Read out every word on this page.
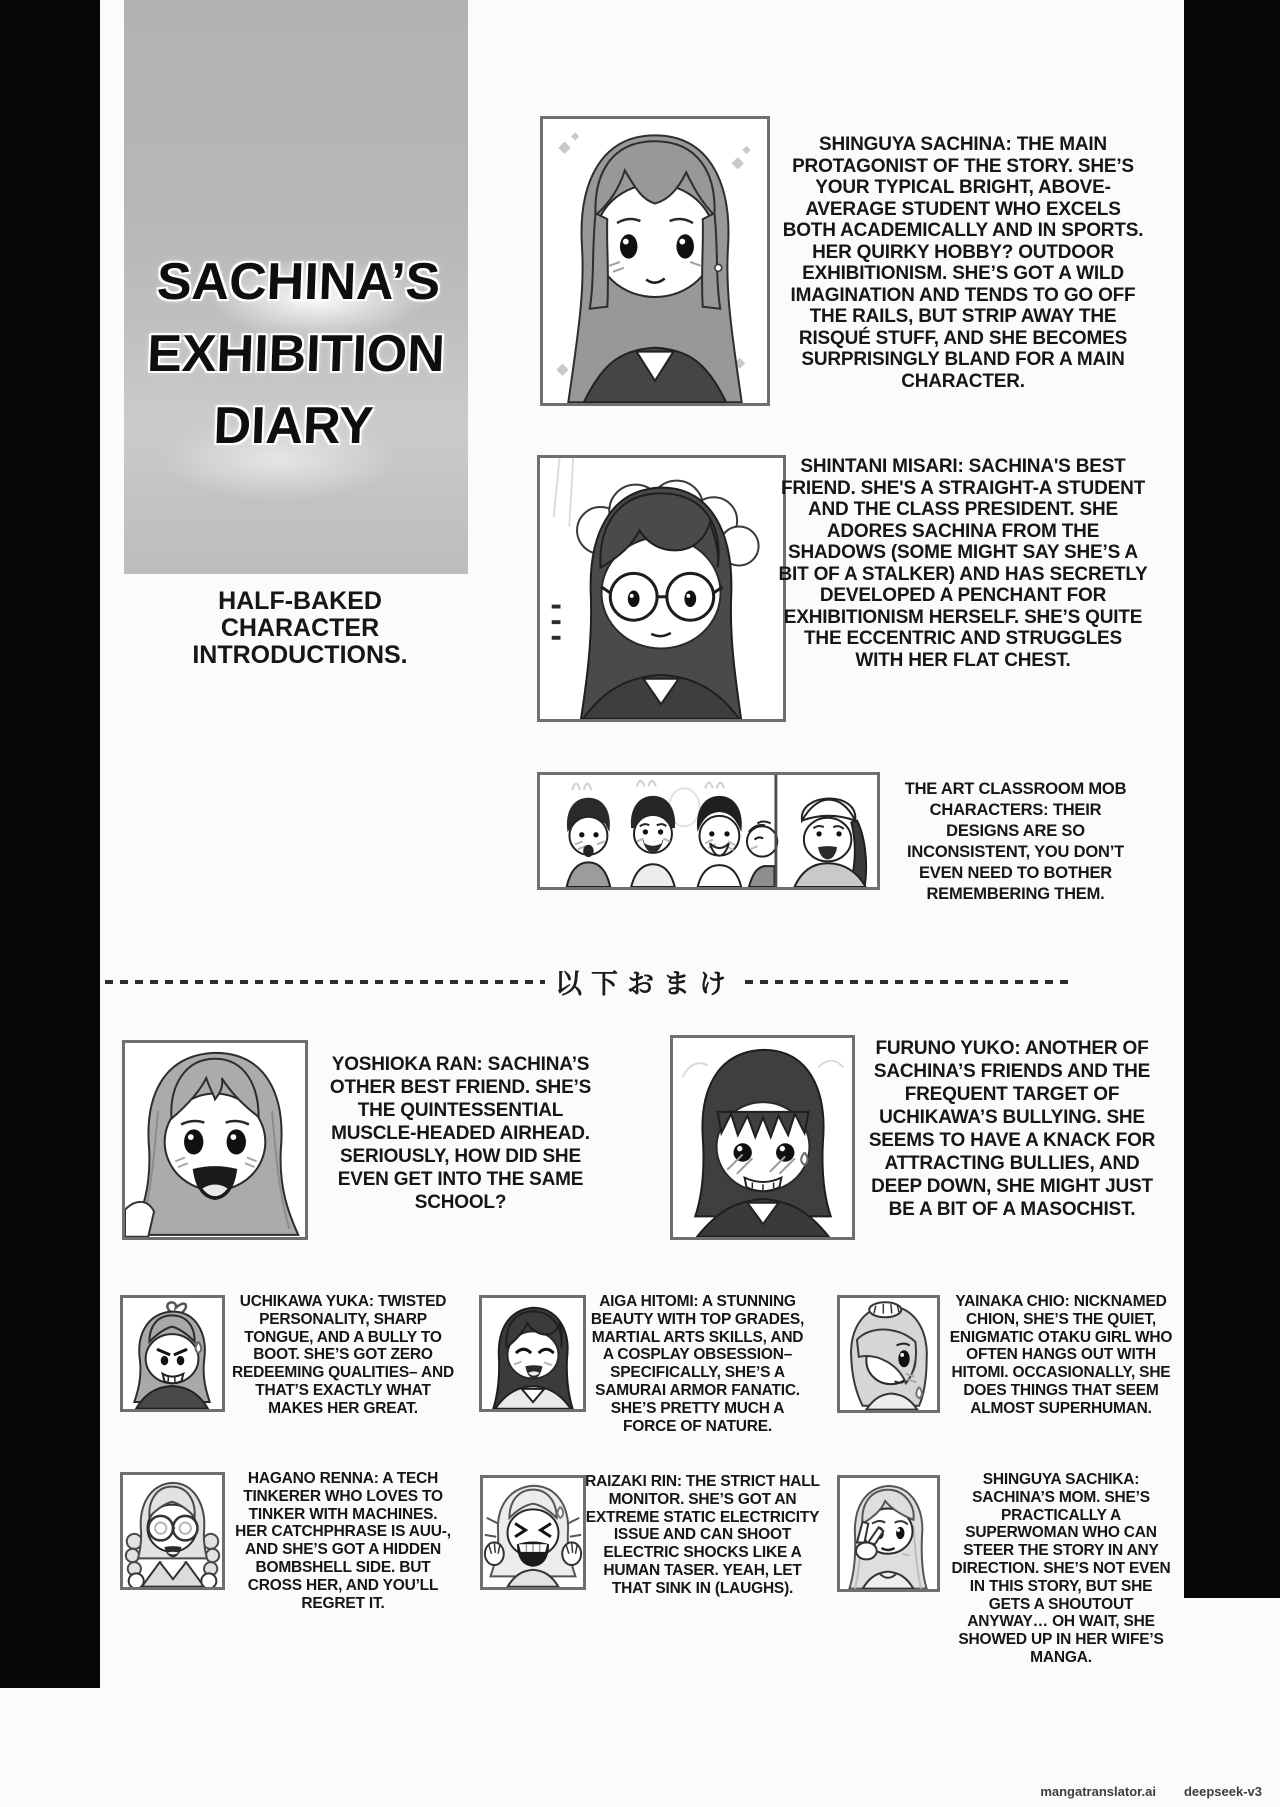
SACHINA’S
EXHIBITION
DIARY
HALF-BAKED
CHARACTER
INTRODUCTIONS.
SHINGUYA SACHINA: THE MAIN PROTAGONIST OF THE STORY. SHE’S YOUR TYPICAL BRIGHT, ABOVE-AVERAGE STUDENT WHO EXCELS BOTH ACADEMICALLY AND IN SPORTS. HER QUIRKY HOBBY? OUTDOOR EXHIBITIONISM. SHE’S GOT A WILD IMAGINATION AND TENDS TO GO OFF THE RAILS, BUT STRIP AWAY THE RISQUÉ STUFF, AND SHE BECOMES SURPRISINGLY BLAND FOR A MAIN CHARACTER.
SHINTANI MISARI: SACHINA'S BEST FRIEND. SHE'S A STRAIGHT-A STUDENT AND THE CLASS PRESIDENT. SHE ADORES SACHINA FROM THE SHADOWS (SOME MIGHT SAY SHE’S A BIT OF A STALKER) AND HAS SECRETLY DEVELOPED A PENCHANT FOR EXHIBITIONISM HERSELF. SHE’S QUITE THE ECCENTRIC AND STRUGGLES WITH HER FLAT CHEST.
THE ART CLASSROOM MOB CHARACTERS: THEIR DESIGNS ARE SO INCONSISTENT, YOU DON’T EVEN NEED TO BOTHER REMEMBERING THEM.
以下おまけ
YOSHIOKA RAN: SACHINA’S OTHER BEST FRIEND. SHE’S THE QUINTESSENTIAL MUSCLE-HEADED AIRHEAD. SERIOUSLY, HOW DID SHE EVEN GET INTO THE SAME SCHOOL?
FURUNO YUKO: ANOTHER OF SACHINA’S FRIENDS AND THE FREQUENT TARGET OF UCHIKAWA’S BULLYING. SHE SEEMS TO HAVE A KNACK FOR ATTRACTING BULLIES, AND DEEP DOWN, SHE MIGHT JUST BE A BIT OF A MASOCHIST.
UCHIKAWA YUKA: TWISTED PERSONALITY, SHARP TONGUE, AND A BULLY TO BOOT. SHE’S GOT ZERO REDEEMING QUALITIES– AND THAT’S EXACTLY WHAT MAKES HER GREAT.
AIGA HITOMI: A STUNNING BEAUTY WITH TOP GRADES, MARTIAL ARTS SKILLS, AND A COSPLAY OBSESSION– SPECIFICALLY, SHE’S A SAMURAI ARMOR FANATIC. SHE’S PRETTY MUCH A FORCE OF NATURE.
YAINAKA CHIO: NICKNAMED CHION, SHE’S THE QUIET, ENIGMATIC OTAKU GIRL WHO OFTEN HANGS OUT WITH HITOMI. OCCASIONALLY, SHE DOES THINGS THAT SEEM ALMOST SUPERHUMAN.
HAGANO RENNA: A TECH TINKERER WHO LOVES TO TINKER WITH MACHINES. HER CATCHPHRASE IS AUU-, AND SHE’S GOT A HIDDEN BOMBSHELL SIDE. BUT CROSS HER, AND YOU’LL REGRET IT.
RAIZAKI RIN: THE STRICT HALL MONITOR. SHE’S GOT AN EXTREME STATIC ELECTRICITY ISSUE AND CAN SHOOT ELECTRIC SHOCKS LIKE A HUMAN TASER. YEAH, LET THAT SINK IN (LAUGHS).
SHINGUYA SACHIKA: SACHINA’S MOM. SHE’S PRACTICALLY A SUPERWOMAN WHO CAN STEER THE STORY IN ANY DIRECTION. SHE’S NOT EVEN IN THIS STORY, BUT SHE GETS A SHOUTOUT ANYWAY… OH WAIT, SHE SHOWED UP IN HER WIFE’S MANGA.
mangatranslator.ai deepseek-v3
